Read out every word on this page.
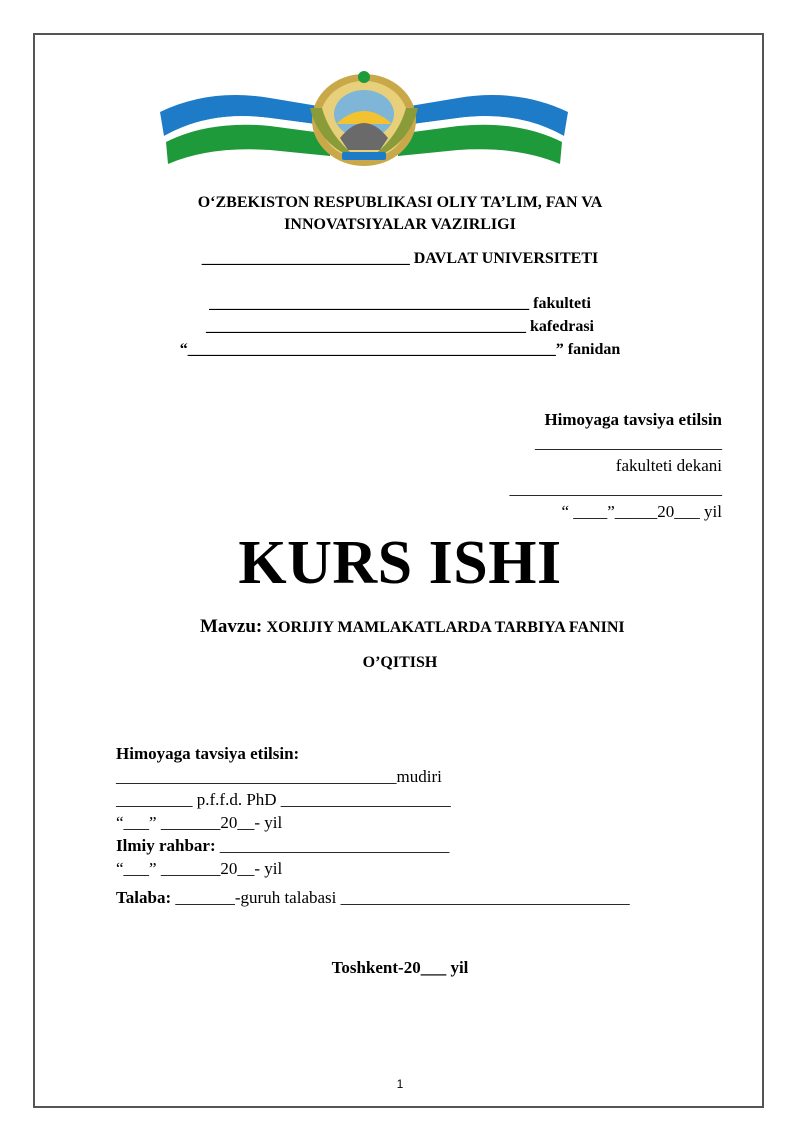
O‘ZBEKISTON RESPUBLIKASI OLIY TA’LIM, FAN VA
INNOVATSIYALAR VAZIRLIGI
__________________________ DAVLAT UNIVERSITETI
________________________________________ fakulteti
________________________________________ kafedrasi
“______________________________________________” fanidan
Himoyaga tavsiya etilsin
______________________
fakulteti dekani
_________________________
“ ____”_____20___ yil
KURS ISHI
Mavzu: XORIJIY MAMLAKATLARDA TARBIYA FANINI
O’QITISH
Himoyaga tavsiya etilsin:
_________________________________mudiri
_________ p.f.f.d. PhD ____________________
“___” _______20__- yil
Ilmiy rahbar: ___________________________
“___” _______20__- yil
Talaba: _______-guruh talabasi __________________________________
Toshkent-20___ yil
1
